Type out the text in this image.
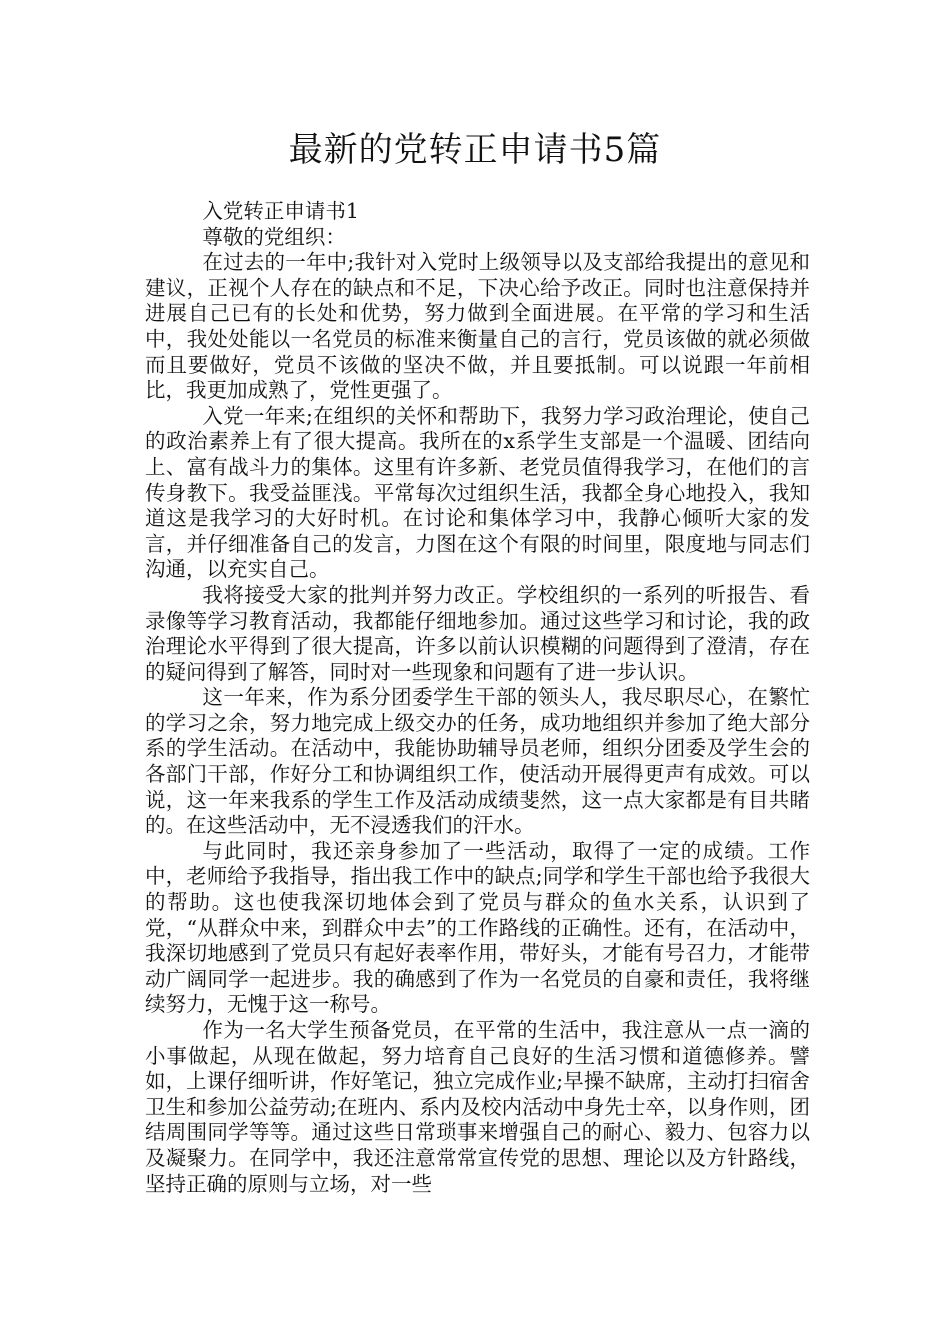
最新的党转正申请书5篇

入党转正申请书1

尊敬的党组织：

在过去的一年中;我针对入党时上级领导以及支部给我提出的意见和建议，正视个人存在的缺点和不足，下决心给予改正。同时也注意保持并进展自己已有的长处和优势，努力做到全面进展。在平常的学习和生活中，我处处能以一名党员的标准来衡量自己的言行，党员该做的就必须做而且要做好，党员不该做的坚决不做，并且要抵制。可以说跟一年前相比，我更加成熟了，党性更强了。

入党一年来;在组织的关怀和帮助下，我努力学习政治理论，使自己的政治素养上有了很大提高。我所在的x系学生支部是一个温暖、团结向上、富有战斗力的集体。这里有许多新、老党员值得我学习，在他们的言传身教下。我受益匪浅。平常每次过组织生活，我都全身心地投入，我知道这是我学习的大好时机。在讨论和集体学习中，我静心倾听大家的发言，并仔细准备自己的发言，力图在这个有限的时间里，限度地与同志们沟通，以充实自己。

我将接受大家的批判并努力改正。学校组织的一系列的听报告、看录像等学习教育活动，我都能仔细地参加。通过这些学习和讨论，我的政治理论水平得到了很大提高，许多以前认识模糊的问题得到了澄清，存在的疑问得到了解答，同时对一些现象和问题有了进一步认识。

这一年来，作为系分团委学生干部的领头人，我尽职尽心，在繁忙的学习之余，努力地完成上级交办的任务，成功地组织并参加了绝大部分系的学生活动。在活动中，我能协助辅导员老师，组织分团委及学生会的各部门干部，作好分工和协调组织工作，使活动开展得更声有成效。可以说，这一年来我系的学生工作及活动成绩斐然，这一点大家都是有目共睹的。在这些活动中，无不浸透我们的汗水。

与此同时，我还亲身参加了一些活动，取得了一定的成绩。工作中，老师给予我指导，指出我工作中的缺点;同学和学生干部也给予我很大的帮助。这也使我深切地体会到了党员与群众的鱼水关系，认识到了党，“从群众中来，到群众中去”的工作路线的正确性。还有，在活动中，我深切地感到了党员只有起好表率作用，带好头，才能有号召力，才能带动广阔同学一起进步。我的确感到了作为一名党员的自豪和责任，我将继续努力，无愧于这一称号。

作为一名大学生预备党员，在平常的生活中，我注意从一点一滴的小事做起，从现在做起，努力培育自己良好的生活习惯和道德修养。譬如，上课仔细听讲，作好笔记，独立完成作业;早操不缺席，主动打扫宿舍卫生和参加公益劳动;在班内、系内及校内活动中身先士卒，以身作则，团结周围同学等等。通过这些日常琐事来增强自己的耐心、毅力、包容力以及凝聚力。在同学中，我还注意常常宣传党的思想、理论以及方针路线，坚持正确的原则与立场，对一些
